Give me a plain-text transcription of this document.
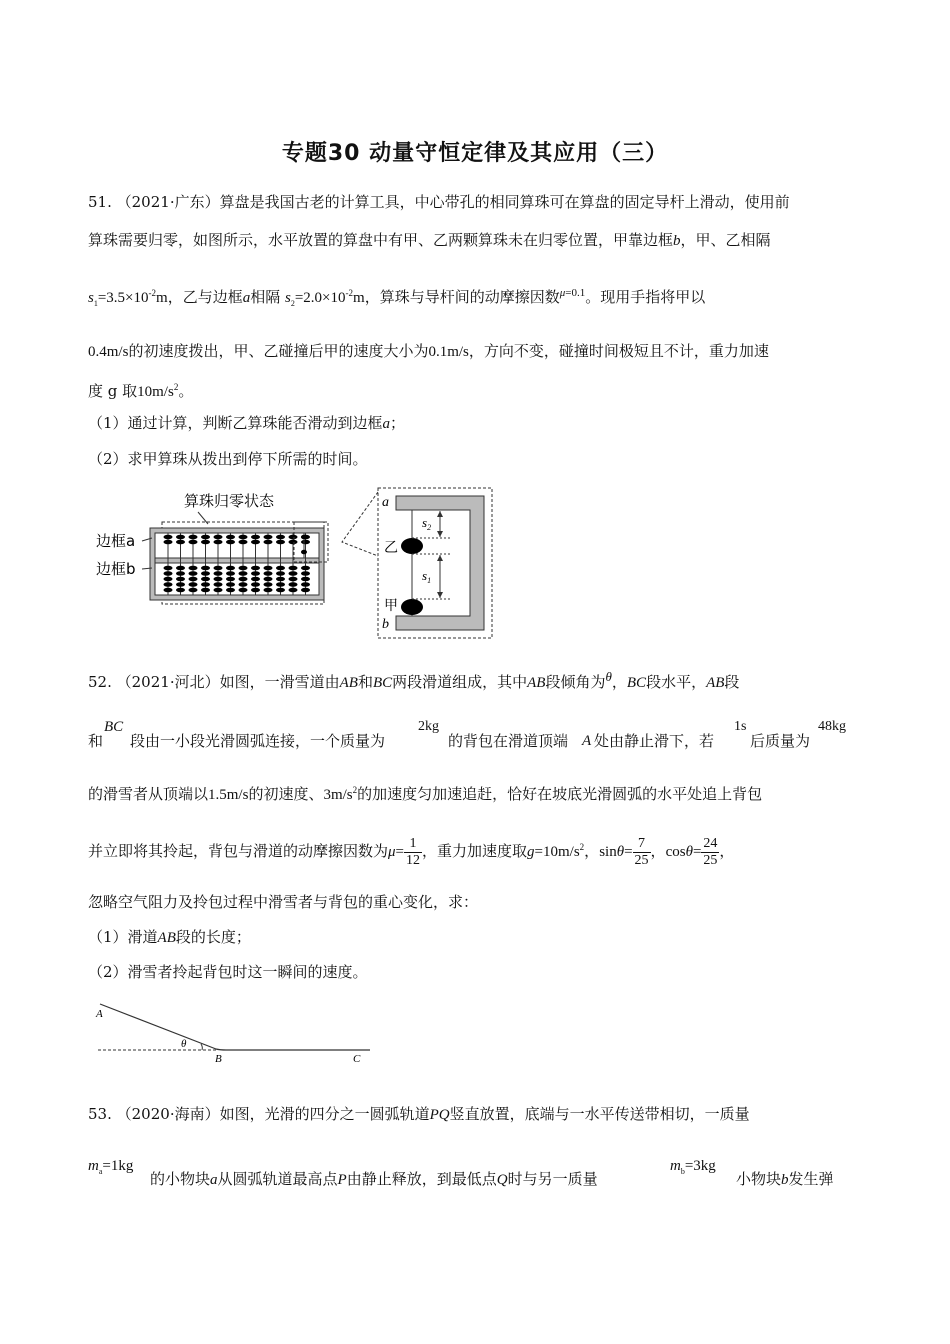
专题30 动量守恒定律及其应用（三）
51. （2021·广东）算盘是我国古老的计算工具，中心带孔的相同算珠可在算盘的固定导杆上滑动，使用前
算珠需要归零，如图所示，水平放置的算盘中有甲、乙两颗算珠未在归零位置，甲靠边框b，甲、乙相隔
$s_1=3.5\times 10^{-2}m$，乙与边框a相隔 $s_2=2.0\times 10^{-2}m$，算珠与导杆间的动摩擦因数$^{\mu=0.1}$。现用手指将甲以
0.4m/s的初速度拨出，甲、乙碰撞后甲的速度大小为0.1m/s，方向不变，碰撞时间极短且不计，重力加速
度 g 取$10m/s^2$。
（1）通过计算，判断乙算珠能否滑动到边框a；
（2）求甲算珠从拨出到停下所需的时间。
算珠归零状态
边框a
边框b
$s_2$
$s_1$
a
b
乙
甲
52. （2021·河北）如图，一滑雪道由AB和BC两段滑道组成，其中AB段倾角为$^\theta$，BC段水平，AB段
和
BC
段由一小段光滑圆弧连接，一个质量为
2kg
的背包在滑道顶端 A 处由静止滑下，若
1s
后质量为
48kg
的滑雪者从顶端以1.5m/s的初速度、$3m/s^2$的加速度匀加速追赶，恰好在坡底光滑圆弧的水平处追上背包
并立即将其拎起，背包与滑道的动摩擦因数为$\mu= \frac{1}{12}$ ，重力加速度取$g=10m/s^2$，$\sin\theta= \frac{7}{25}$ ，$\cos\theta= \frac{24}{25}$ ，
忽略空气阻力及拎包过程中滑雪者与背包的重心变化，求：
（1）滑道AB段的长度；
（2）滑雪者拎起背包时这一瞬间的速度。
A
B	C
θ
53. （2020·海南）如图，光滑的四分之一圆弧轨道PQ竖直放置，底端与一水平传送带相切，一质量
$m_a=1kg$
的小物块a从圆弧轨道最高点P由静止释放，到最低点Q时与另一质量
$m_b=3kg$
小物块b发生弹
